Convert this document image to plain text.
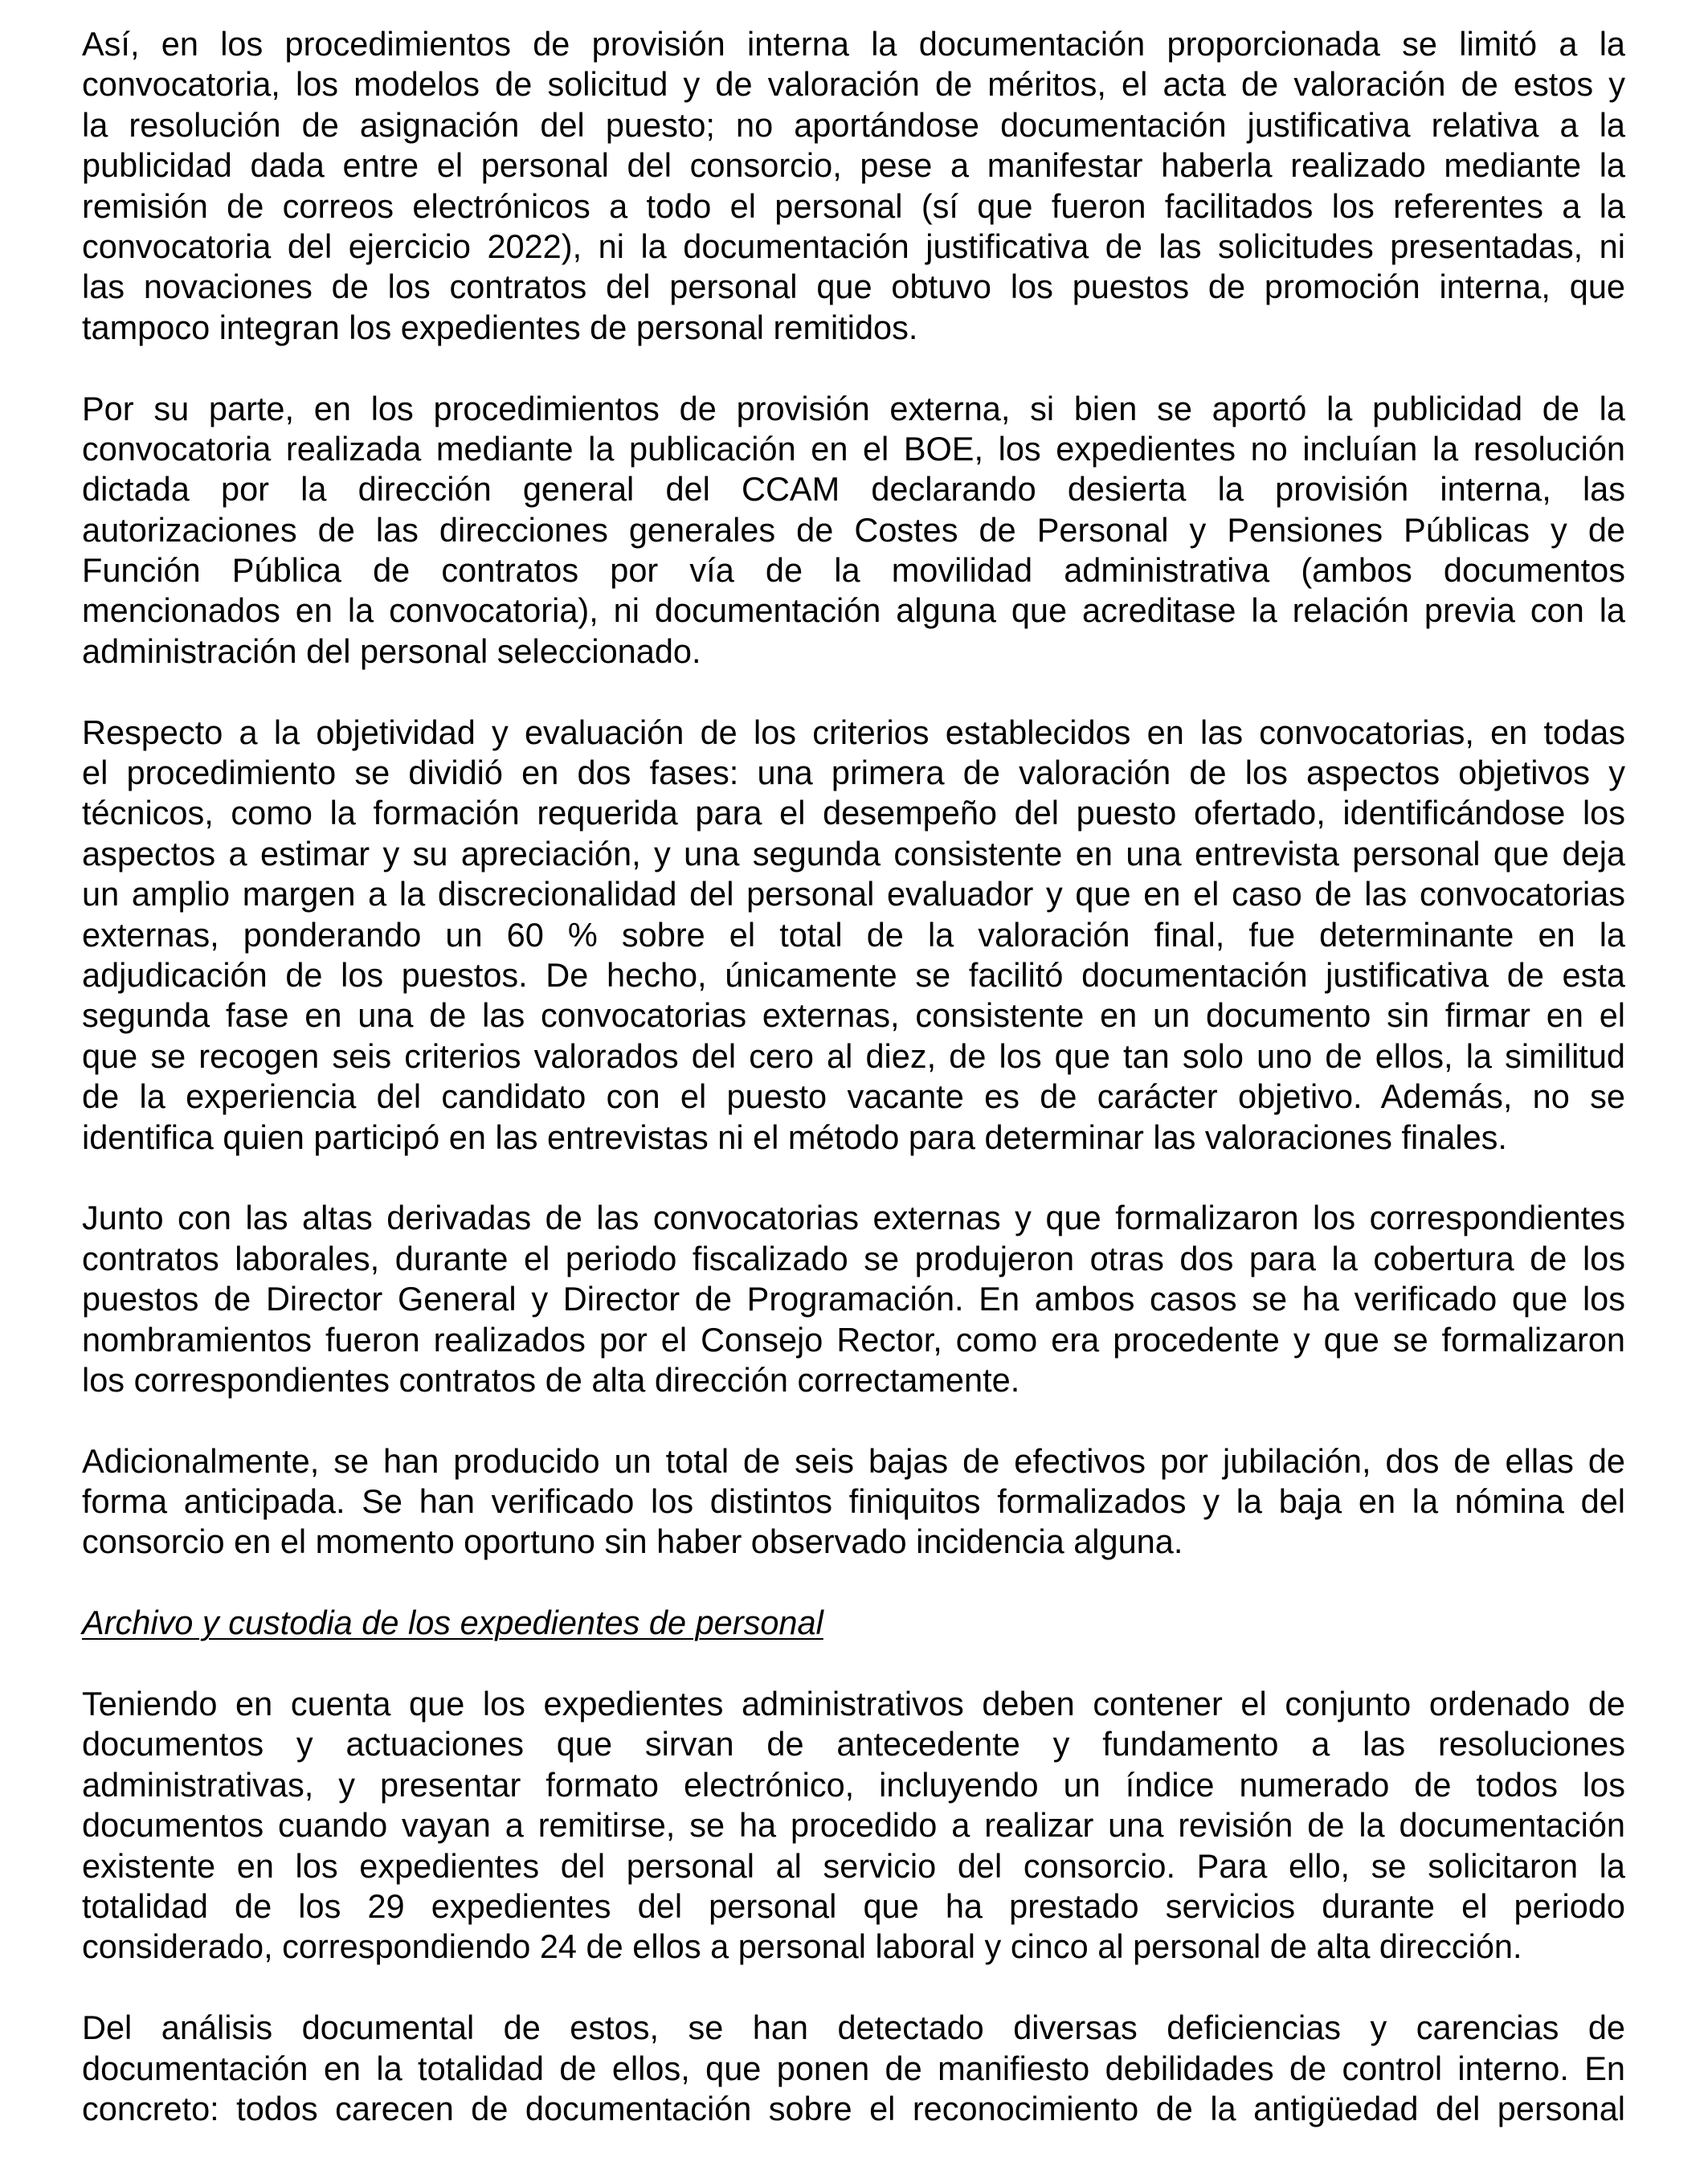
Así, en los procedimientos de provisión interna la documentación proporcionada se limitó a la
convocatoria, los modelos de solicitud y de valoración de méritos, el acta de valoración de estos y
la resolución de asignación del puesto; no aportándose documentación justificativa relativa a la
publicidad dada entre el personal del consorcio, pese a manifestar haberla realizado mediante la
remisión de correos electrónicos a todo el personal (sí que fueron facilitados los referentes a la
convocatoria del ejercicio 2022), ni la documentación justificativa de las solicitudes presentadas, ni
las novaciones de los contratos del personal que obtuvo los puestos de promoción interna, que
tampoco integran los expedientes de personal remitidos.

Por su parte, en los procedimientos de provisión externa, si bien se aportó la publicidad de la
convocatoria realizada mediante la publicación en el BOE, los expedientes no incluían la resolución
dictada por la dirección general del CCAM declarando desierta la provisión interna, las
autorizaciones de las direcciones generales de Costes de Personal y Pensiones Públicas y de
Función Pública de contratos por vía de la movilidad administrativa (ambos documentos
mencionados en la convocatoria), ni documentación alguna que acreditase la relación previa con la
administración del personal seleccionado.

Respecto a la objetividad y evaluación de los criterios establecidos en las convocatorias, en todas
el procedimiento se dividió en dos fases: una primera de valoración de los aspectos objetivos y
técnicos, como la formación requerida para el desempeño del puesto ofertado, identificándose los
aspectos a estimar y su apreciación, y una segunda consistente en una entrevista personal que deja
un amplio margen a la discrecionalidad del personal evaluador y que en el caso de las convocatorias
externas, ponderando un 60 % sobre el total de la valoración final, fue determinante en la
adjudicación de los puestos. De hecho, únicamente se facilitó documentación justificativa de esta
segunda fase en una de las convocatorias externas, consistente en un documento sin firmar en el
que se recogen seis criterios valorados del cero al diez, de los que tan solo uno de ellos, la similitud
de la experiencia del candidato con el puesto vacante es de carácter objetivo. Además, no se
identifica quien participó en las entrevistas ni el método para determinar las valoraciones finales.

Junto con las altas derivadas de las convocatorias externas y que formalizaron los correspondientes
contratos laborales, durante el periodo fiscalizado se produjeron otras dos para la cobertura de los
puestos de Director General y Director de Programación. En ambos casos se ha verificado que los
nombramientos fueron realizados por el Consejo Rector, como era procedente y que se formalizaron
los correspondientes contratos de alta dirección correctamente.

Adicionalmente, se han producido un total de seis bajas de efectivos por jubilación, dos de ellas de
forma anticipada. Se han verificado los distintos finiquitos formalizados y la baja en la nómina del
consorcio en el momento oportuno sin haber observado incidencia alguna.

Archivo y custodia de los expedientes de personal

Teniendo en cuenta que los expedientes administrativos deben contener el conjunto ordenado de
documentos y actuaciones que sirvan de antecedente y fundamento a las resoluciones
administrativas, y presentar formato electrónico, incluyendo un índice numerado de todos los
documentos cuando vayan a remitirse, se ha procedido a realizar una revisión de la documentación
existente en los expedientes del personal al servicio del consorcio. Para ello, se solicitaron la
totalidad de los 29 expedientes del personal que ha prestado servicios durante el periodo
considerado, correspondiendo 24 de ellos a personal laboral y cinco al personal de alta dirección.

Del análisis documental de estos, se han detectado diversas deficiencias y carencias de
documentación en la totalidad de ellos, que ponen de manifiesto debilidades de control interno. En
concreto: todos carecen de documentación sobre el reconocimiento de la antigüedad del personal
